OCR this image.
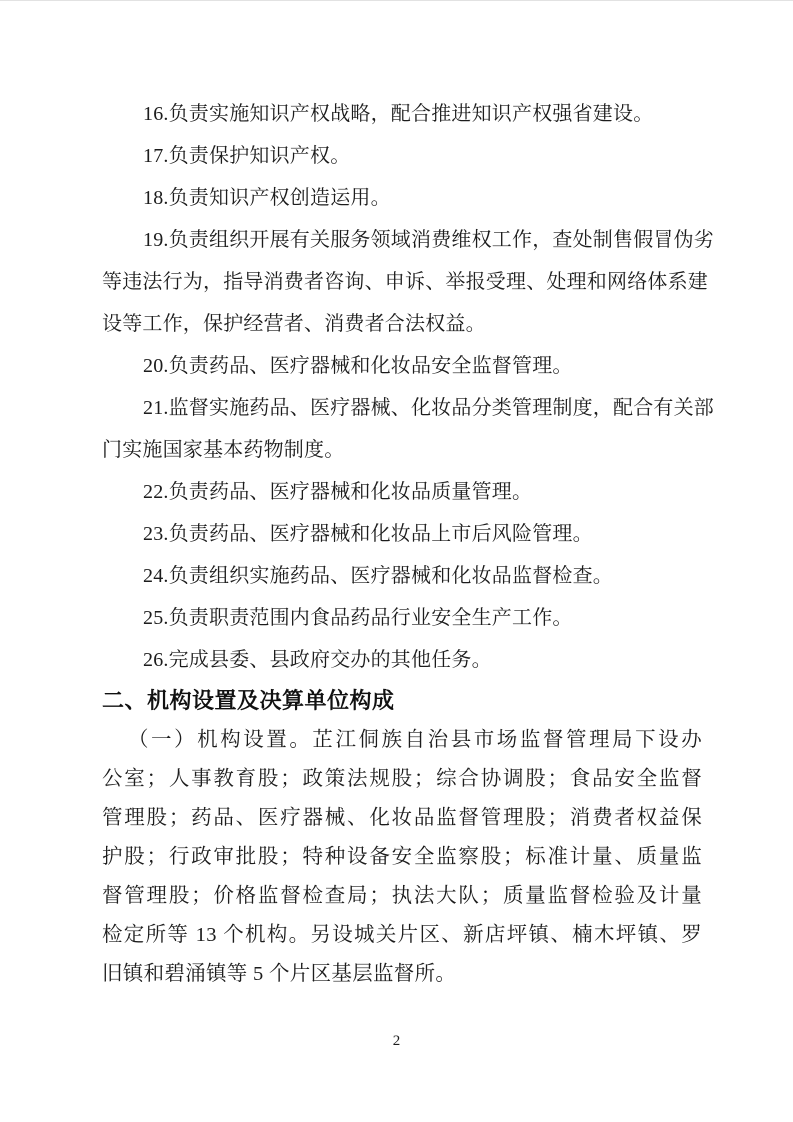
16.负责实施知识产权战略，配合推进知识产权强省建设。

17.负责保护知识产权。

18.负责知识产权创造运用。

19.负责组织开展有关服务领域消费维权工作，查处制售假冒伪劣
等违法行为，指导消费者咨询、申诉、举报受理、处理和网络体系建
设等工作，保护经营者、消费者合法权益。

20.负责药品、医疗器械和化妆品安全监督管理。

21.监督实施药品、医疗器械、化妆品分类管理制度，配合有关部
门实施国家基本药物制度。

22.负责药品、医疗器械和化妆品质量管理。

23.负责药品、医疗器械和化妆品上市后风险管理。

24.负责组织实施药品、医疗器械和化妆品监督检查。

25.负责职责范围内食品药品行业安全生产工作。

26.完成县委、县政府交办的其他任务。

二、机构设置及决算单位构成

（一）机构设置。芷江侗族自治县市场监督管理局下设办
公室；人事教育股；政策法规股；综合协调股；食品安全监督
管理股；药品、医疗器械、化妆品监督管理股；消费者权益保
护股；行政审批股；特种设备安全监察股；标准计量、质量监
督管理股；价格监督检查局；执法大队；质量监督检验及计量
检定所等 13 个机构。另设城关片区、新店坪镇、楠木坪镇、罗
旧镇和碧涌镇等 5 个片区基层监督所。

2
